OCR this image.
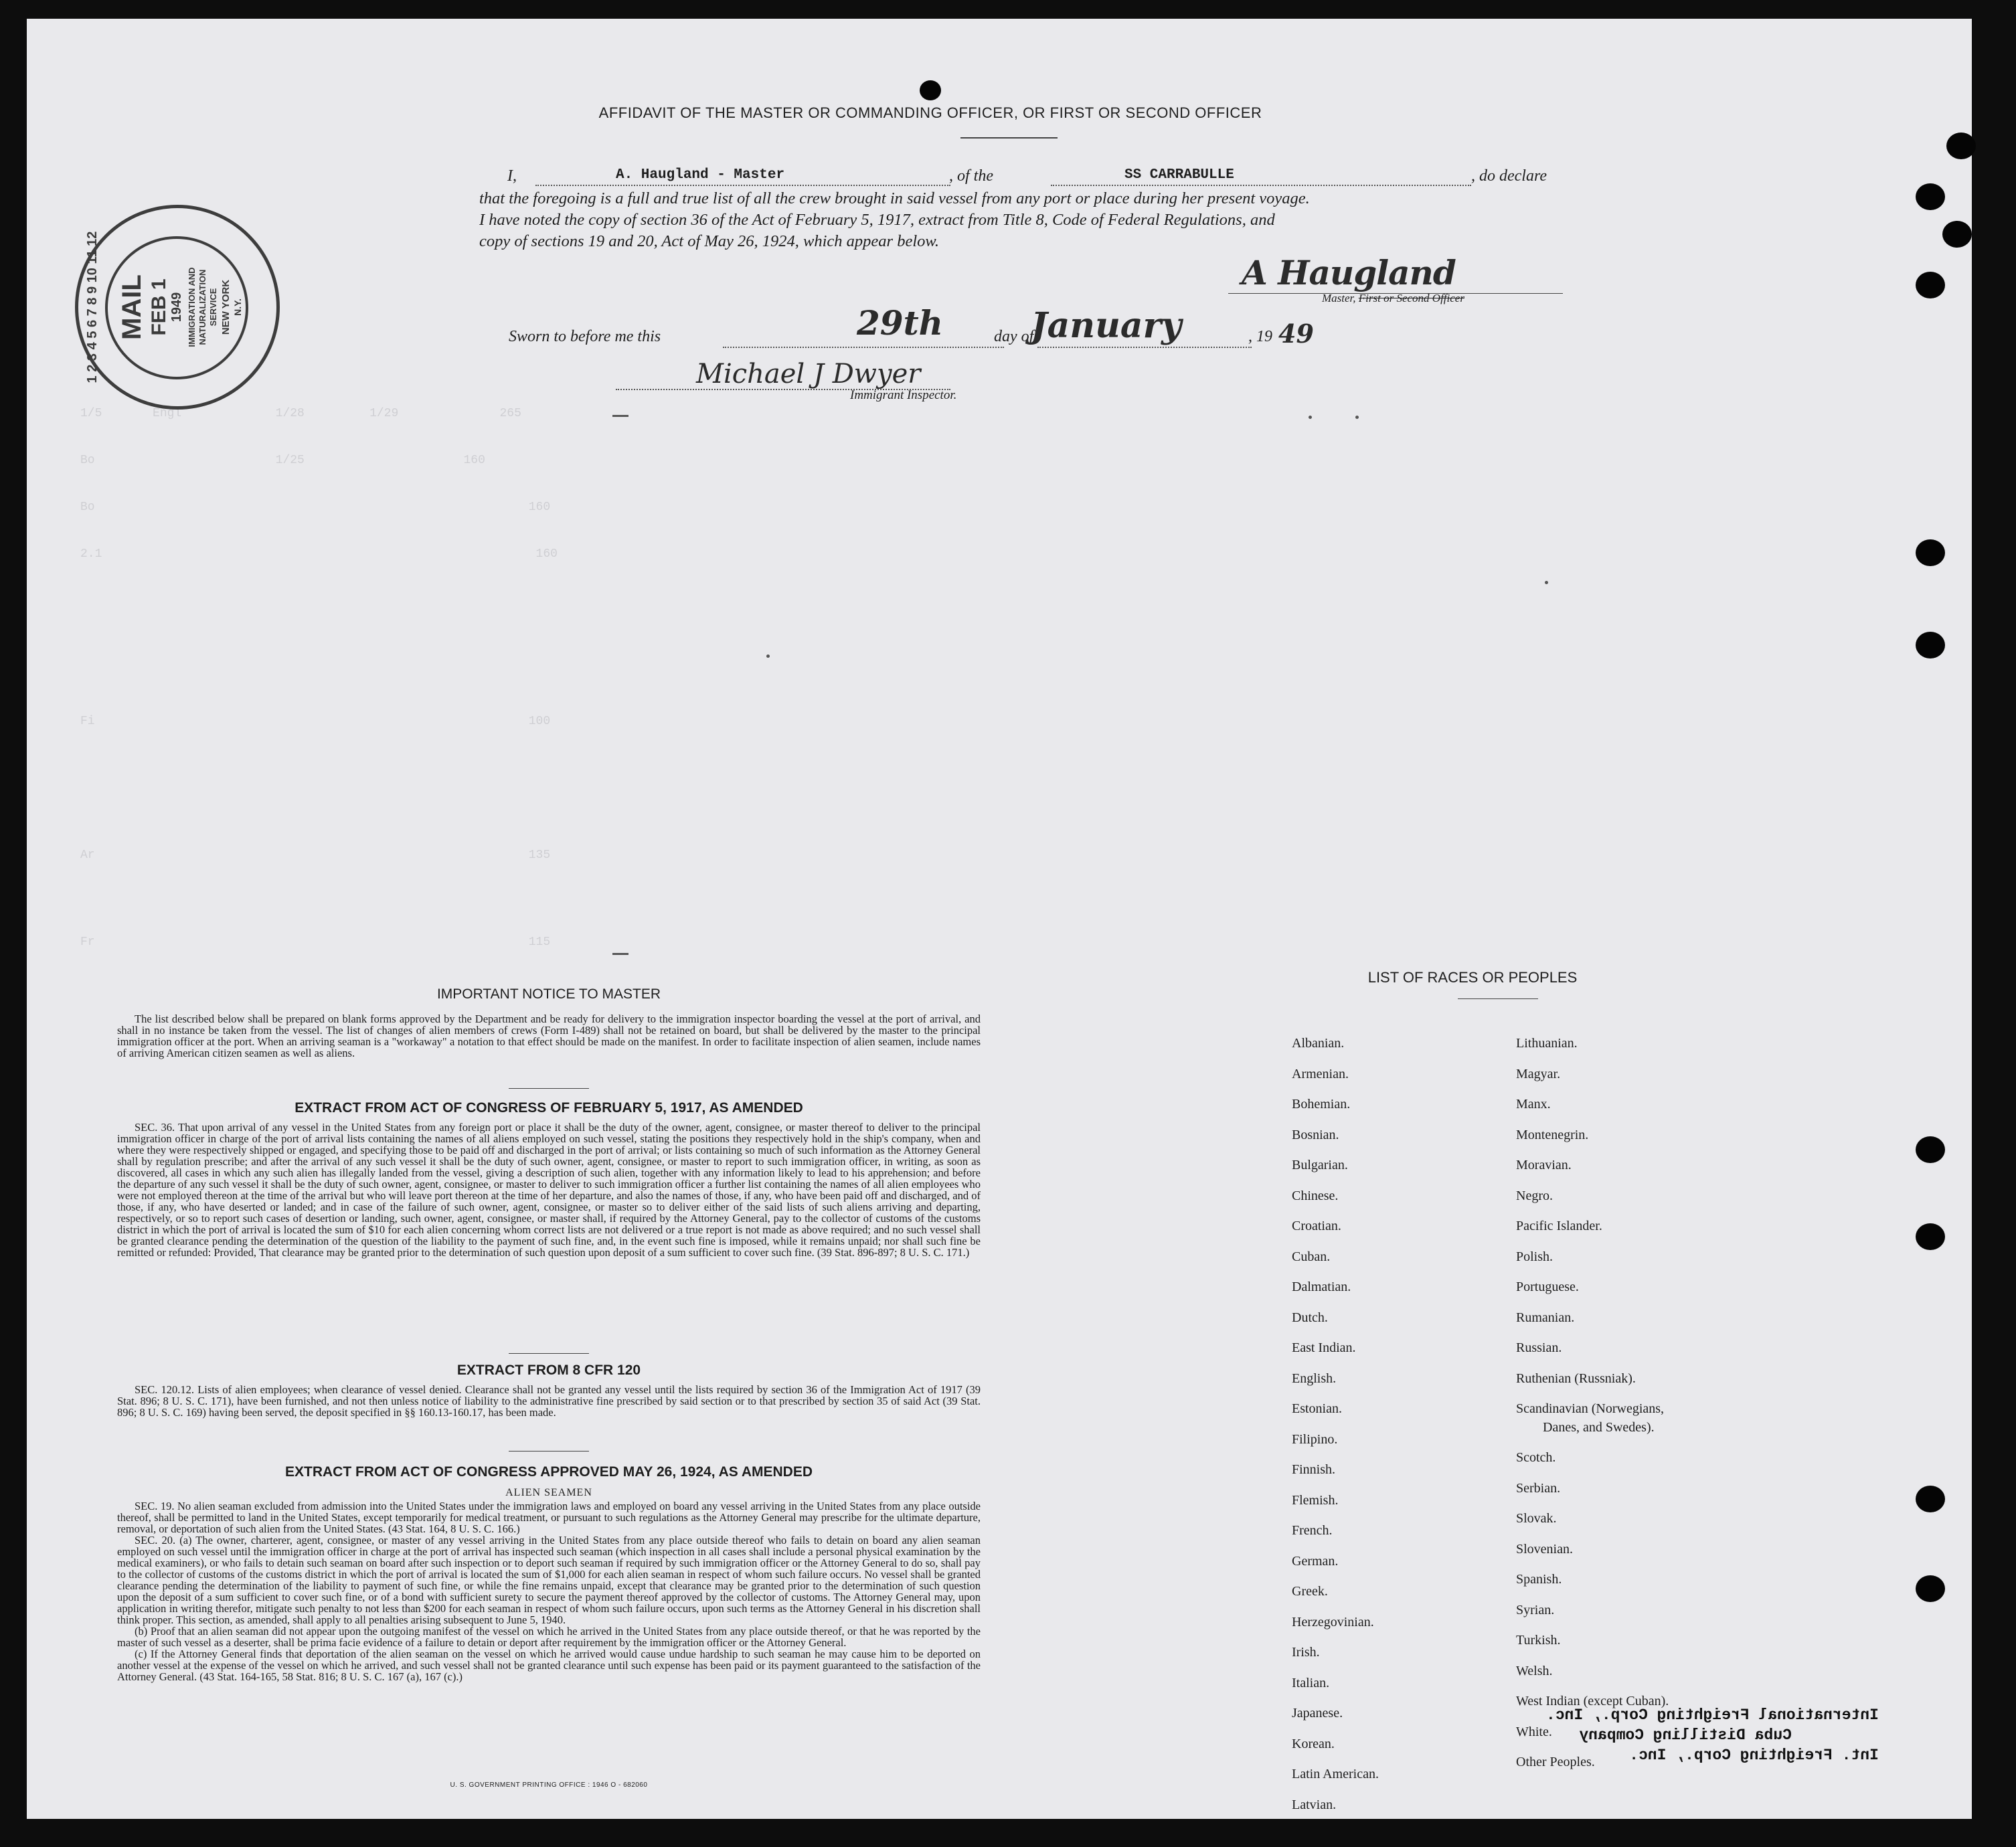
1/5       Engl             1/28         1/29              265
Bo                         1/25                      160
Bo                                                            160
2.1                                                            160
Fi                                                            100
Ar                                                            135
Fr                                                            115
AFFIDAVIT OF THE MASTER OR COMMANDING OFFICER, OR FIRST OR SECOND OFFICER
I,	A. Haugland - Master	, of the	SS CARRABULLE	, do declare
that the foregoing is a full and true list of all the crew brought in said vessel from any port or place during her present voyage.
I have noted the copy of section 36 of the Act of February 5, 1917, extract from Title 8, Code of Federal Regulations, and
copy of sections 19 and 20, Act of May 26, 1924, which appear below.
A Haugland
Master, First or Second Officer
Sworn to before me this	29th	day of
January	, 19 49
Michael J Dwyer
Immigrant Inspector.
1 2 3 4 5 6 7 8 9 10 11 12 MAIL FEB 1 1949 IMMIGRATION AND NATURALIZATION SERVICE NEW YORK N.Y.
IMPORTANT NOTICE TO MASTER

The list described below shall be prepared on blank forms approved by the Department and be ready for delivery to the immigration inspector boarding the vessel at the port of arrival, and shall in no instance be taken from the vessel. The list of changes of alien members of crews (Form I-489) shall not be retained on board, but shall be delivered by the master to the principal immigration officer at the port. When an arriving seaman is a "workaway" a notation to that effect should be made on the manifest. In order to facilitate inspection of alien seamen, include names of arriving American citizen seamen as well as aliens.

EXTRACT FROM ACT OF CONGRESS OF FEBRUARY 5, 1917, AS AMENDED

SEC. 36. That upon arrival of any vessel in the United States from any foreign port or place it shall be the duty of the owner, agent, consignee, or master thereof to deliver to the principal immigration officer in charge of the port of arrival lists containing the names of all aliens employed on such vessel, stating the positions they respectively hold in the ship's company, when and where they were respectively shipped or engaged, and specifying those to be paid off and discharged in the port of arrival; or lists containing so much of such information as the Attorney General shall by regulation prescribe; and after the arrival of any such vessel it shall be the duty of such owner, agent, consignee, or master to report to such immigration officer, in writing, as soon as discovered, all cases in which any such alien has illegally landed from the vessel, giving a description of such alien, together with any information likely to lead to his apprehension; and before the departure of any such vessel it shall be the duty of such owner, agent, consignee, or master to deliver to such immigration officer a further list containing the names of all alien employees who were not employed thereon at the time of the arrival but who will leave port thereon at the time of her departure, and also the names of those, if any, who have been paid off and discharged, and of those, if any, who have deserted or landed; and in case of the failure of such owner, agent, consignee, or master so to deliver either of the said lists of such aliens arriving and departing, respectively, or so to report such cases of desertion or landing, such owner, agent, consignee, or master shall, if required by the Attorney General, pay to the collector of customs of the customs district in which the port of arrival is located the sum of $10 for each alien concerning whom correct lists are not delivered or a true report is not made as above required; and no such vessel shall be granted clearance pending the determination of the question of the liability to the payment of such fine, and, in the event such fine is imposed, while it remains unpaid; nor shall such fine be remitted or refunded: Provided, That clearance may be granted prior to the determination of such question upon deposit of a sum sufficient to cover such fine. (39 Stat. 896-897; 8 U. S. C. 171.)

EXTRACT FROM 8 CFR 120

SEC. 120.12. Lists of alien employees; when clearance of vessel denied. Clearance shall not be granted any vessel until the lists required by section 36 of the Immigration Act of 1917 (39 Stat. 896; 8 U. S. C. 171), have been furnished, and not then unless notice of liability to the administrative fine prescribed by said section or to that prescribed by section 35 of said Act (39 Stat. 896; 8 U. S. C. 169) having been served, the deposit specified in §§ 160.13-160.17, has been made.

EXTRACT FROM ACT OF CONGRESS APPROVED MAY 26, 1924, AS AMENDED
ALIEN SEAMEN

SEC. 19. No alien seaman excluded from admission into the United States under the immigration laws and employed on board any vessel arriving in the United States from any place outside thereof, shall be permitted to land in the United States, except temporarily for medical treatment, or pursuant to such regulations as the Attorney General may prescribe for the ultimate departure, removal, or deportation of such alien from the United States. (43 Stat. 164, 8 U. S. C. 166.)

SEC. 20. (a) The owner, charterer, agent, consignee, or master of any vessel arriving in the United States from any place outside thereof who fails to detain on board any alien seaman employed on such vessel until the immigration officer in charge at the port of arrival has inspected such seaman (which inspection in all cases shall include a personal physical examination by the medical examiners), or who fails to detain such seaman on board after such inspection or to deport such seaman if required by such immigration officer or the Attorney General to do so, shall pay to the collector of customs of the customs district in which the port of arrival is located the sum of $1,000 for each alien seaman in respect of whom such failure occurs. No vessel shall be granted clearance pending the determination of the liability to payment of such fine, or while the fine remains unpaid, except that clearance may be granted prior to the determination of such question upon the deposit of a sum sufficient to cover such fine, or of a bond with sufficient surety to secure the payment thereof approved by the collector of customs. The Attorney General may, upon application in writing therefor, mitigate such penalty to not less than $200 for each seaman in respect of whom such failure occurs, upon such terms as the Attorney General in his discretion shall think proper. This section, as amended, shall apply to all penalties arising subsequent to June 5, 1940.

(b) Proof that an alien seaman did not appear upon the outgoing manifest of the vessel on which he arrived in the United States from any place outside thereof, or that he was reported by the master of such vessel as a deserter, shall be prima facie evidence of a failure to detain or deport after requirement by the immigration officer or the Attorney General.

(c) If the Attorney General finds that deportation of the alien seaman on the vessel on which he arrived would cause undue hardship to such seaman he may cause him to be deported on another vessel at the expense of the vessel on which he arrived, and such vessel shall not be granted clearance until such expense has been paid or its payment guaranteed to the satisfaction of the Attorney General. (43 Stat. 164-165, 58 Stat. 816; 8 U. S. C. 167 (a), 167 (c).)

U. S. GOVERNMENT PRINTING OFFICE : 1946 O - 682060
LIST OF RACES OR PEOPLES
Albanian.
Armenian.
Bohemian.
Bosnian.
Bulgarian.
Chinese.
Croatian.
Cuban.
Dalmatian.
Dutch.
East Indian.
English.
Estonian.
Filipino.
Finnish.
Flemish.
French.
German.
Greek.
Herzegovinian.
Irish.
Italian.
Japanese.
Korean.
Latin American.
Latvian.
Lithuanian.
Magyar.
Manx.
Montenegrin.
Moravian.
Negro.
Pacific Islander.
Polish.
Portuguese.
Rumanian.
Russian.
Ruthenian (Russniak).
Scandinavian (Norwegians,
Danes, and Swedes).
Scotch.
Serbian.
Slovak.
Slovenian.
Spanish.
Syrian.
Turkish.
Welsh.
West Indian (except Cuban).
White.
Other Peoples.
International Freighting Corp., Inc.
Cuba Distilling Company
Int. Freighting Corp., Inc.
